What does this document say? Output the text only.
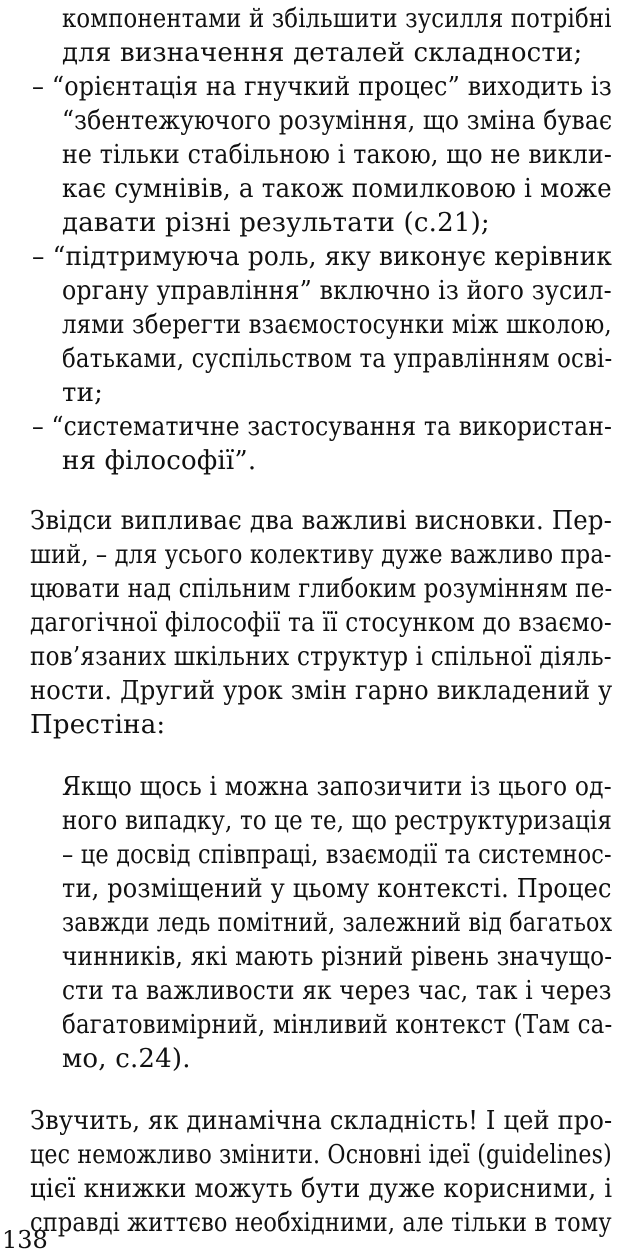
компонентами й збільшити зусилля потрібні
для визначення деталей складности;
– “орієнтація на гнучкий процес” виходить із
“збентежуючого розуміння, що зміна буває
не тільки стабільною і такою, що не викли-
кає сумнівів, а також помилковою і може
давати різні результати (с.21);
– “підтримуюча роль, яку виконує керівник
органу управління” включно із його зусил-
лями зберегти взаємостосунки між школою,
батьками, суспільством та управлінням осві-
ти;
– “систематичне застосування та використан-
ня філософії”.
Звідси випливає два важливі висновки. Пер-
ший, – для усього колективу дуже важливо пра-
цювати над спільним глибоким розумінням пе-
дагогічної філософії та її стосунком до взаємо-
пов’язаних шкільних структур і спільної діяль-
ности. Другий урок змін гарно викладений у
Престіна:
Якщо щось і можна запозичити із цього од-
ного випадку, то це те, що реструктуризація
– це досвід співпраці, взаємодії та системнос-
ти, розміщений у цьому контексті. Процес
завжди ледь помітний, залежний від багатьох
чинників, які мають різний рівень значущо-
сти та важливости як через час, так і через
багатовимірний, мінливий контекст (Там са-
мо, с.24).
Звучить, як динамічна складність! І цей про-
цес неможливо змінити. Основні ідеї (guidelines)
цієї книжки можуть бути дуже корисними, і
справді життєво необхідними, але тільки в тому
138
